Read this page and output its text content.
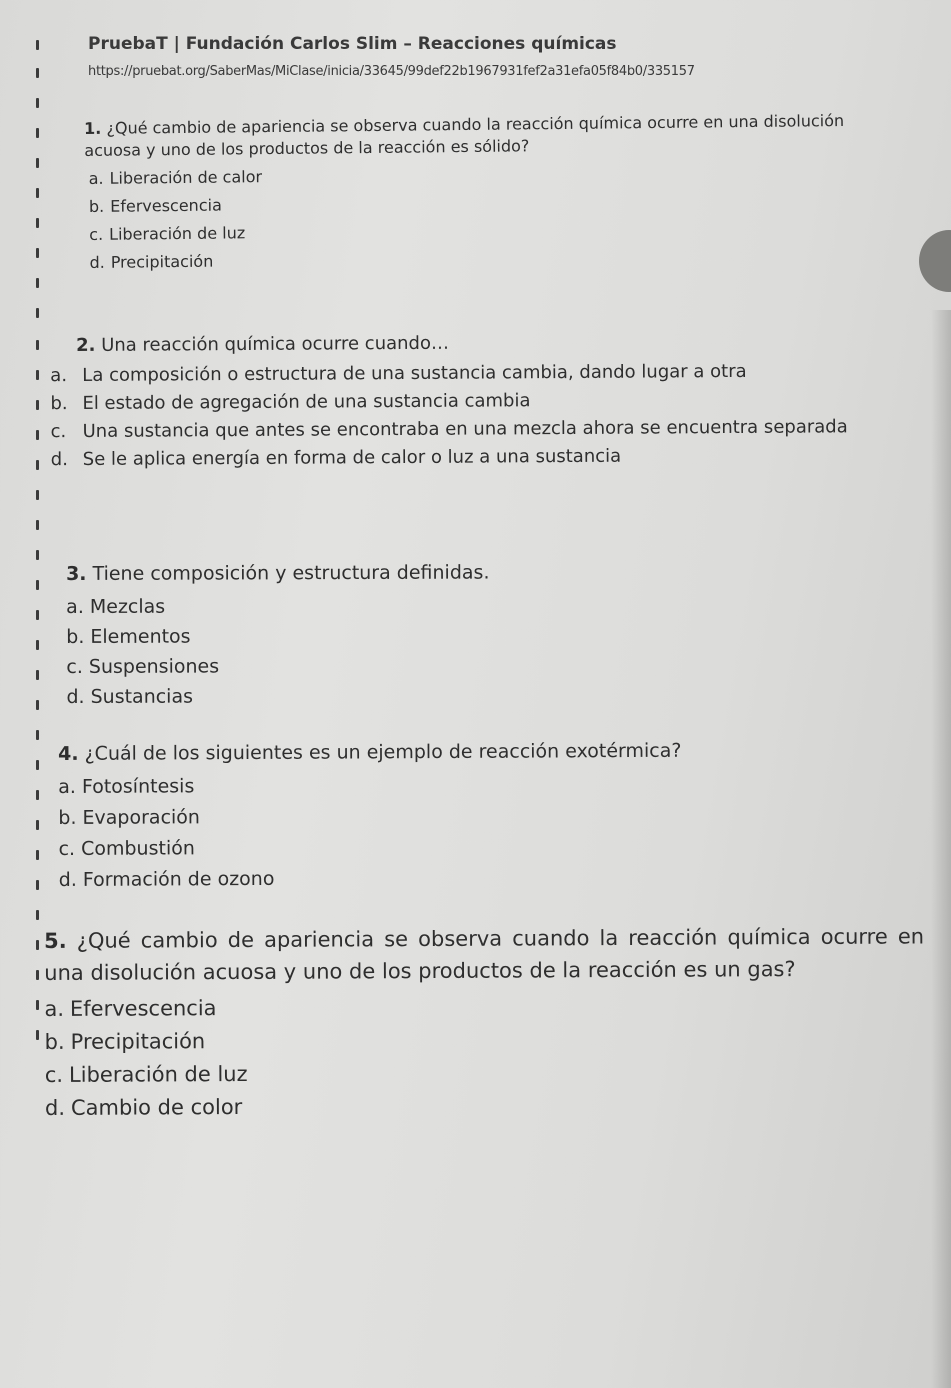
PruebaT | Fundación Carlos Slim – Reacciones químicas

https://pruebat.org/SaberMas/MiClase/inicia/33645/99def22b1967931fef2a31efa05f84b0/335157

1. ¿Qué cambio de apariencia se observa cuando la reacción química ocurre en una disolución acuosa y uno de los productos de la reacción es sólido?

a. Liberación de calor
b. Efervescencia
c. Liberación de luz
d. Precipitación

2. Una reacción química ocurre cuando…

a. La composición o estructura de una sustancia cambia, dando lugar a otra
b. El estado de agregación de una sustancia cambia
c. Una sustancia que antes se encontraba en una mezcla ahora se encuentra separada
d. Se le aplica energía en forma de calor o luz a una sustancia

3. Tiene composición y estructura definidas.

a. Mezclas
b. Elementos
c. Suspensiones
d. Sustancias

4. ¿Cuál de los siguientes es un ejemplo de reacción exotérmica?

a. Fotosíntesis
b. Evaporación
c. Combustión
d. Formación de ozono

5. ¿Qué cambio de apariencia se observa cuando la reacción química ocurre en una disolución acuosa y uno de los productos de la reacción es un gas?

a. Efervescencia
b. Precipitación
c. Liberación de luz
d. Cambio de color
